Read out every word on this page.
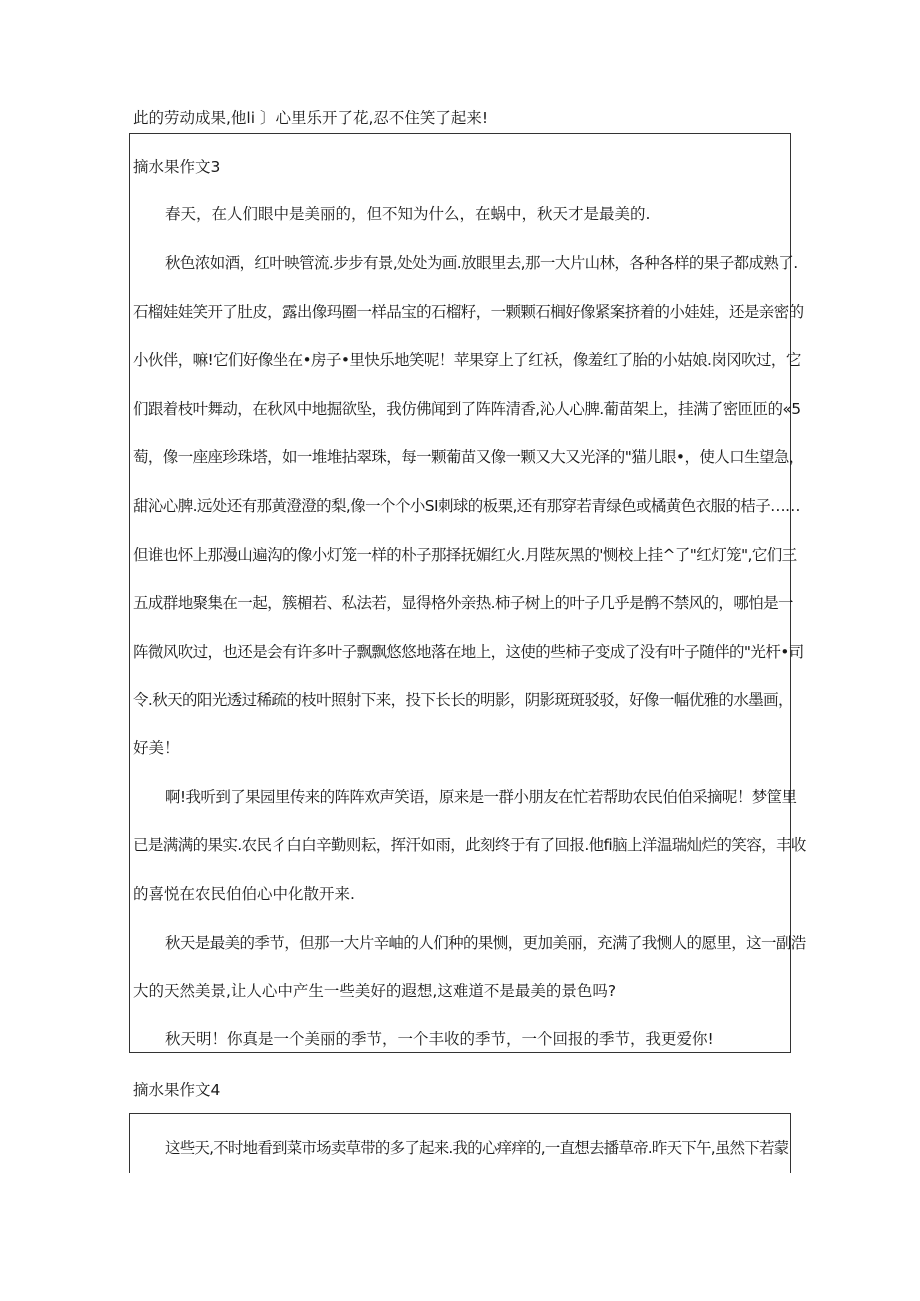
此的劳动成果,他li 〕心里乐开了花,忍不住笑了起来!
摘水果作文3
春天，在人们眼中是美丽的，但不知为什么，在蜗中，秋天才是最美的.
秋色浓如酒，红叶映管流.步步有景,处处为画.放眼里去,那一大片山林，各种各样的果子都成熟了.
石榴娃娃笑开了肚皮，露出像玛圈一样品宝的石榴籽，一颗颗石榈好像紧案挤着的小娃娃，还是亲密的
小伙伴，嘛!它们好像坐在•房子•里快乐地笑呢！苹果穿上了红袄，像羞红了胎的小姑娘.岗冈吹过，它
们跟着枝叶舞动，在秋风中地掘欲坠，我仿佛闻到了阵阵清香,沁人心脾.葡苗架上，挂满了密匝匝的«5
萄，像一座座珍珠塔，如一堆堆拈翠珠，每一颗葡苗又像一颗又大又光泽的"猫儿眼•，使人口生望急，
甜沁心脾.远处还有那黄澄澄的梨,像一个个小SI刺球的板栗,还有那穿若青绿色或橘黄色衣服的桔子……
但谁也怀上那漫山遍沟的像小灯笼一样的朴子那择抚媚红火.月陛灰黑的'恻校上挂^了"红灯笼",它们三
五成群地聚集在一起，簇楣若、私法若，显得格外亲热.柿子树上的叶子几乎是鹘不禁风的，哪怕是一
阵微风吹过，也还是会有许多叶子飘飘悠悠地落在地上，这使的些柿子变成了没有叶子随伴的"光杆•司
令.秋天的阳光透过稀疏的枝叶照射下来，投下长长的明影，阴影斑斑驳驳，好像一幅优雅的水墨画，
好美！
啊!我听到了果园里传来的阵阵欢声笑语，原来是一群小朋友在忙若帮助农民伯伯采摘呢！梦筐里
已是满满的果实.农民彳白白辛勤则耘，挥汗如雨，此刻终于有了回报.他fi脑上洋温瑞灿烂的笑容，丰收
的喜悦在农民伯伯心中化散开来.
秋天是最美的季节，但那一大片辛岫的人们种的果恻，更加美丽，充满了我恻人的愿里，这一副浩
大的天然美景,让人心中产生一些美好的遐想,这难道不是最美的景色吗?
秋天明！你真是一个美丽的季节，一个丰收的季节，一个回报的季节，我更爱你!
摘水果作文4
这些天,不时地看到菜市场卖草带的多了起来.我的心痒痒的,一直想去播草帝.昨天下午,虽然下若蒙
